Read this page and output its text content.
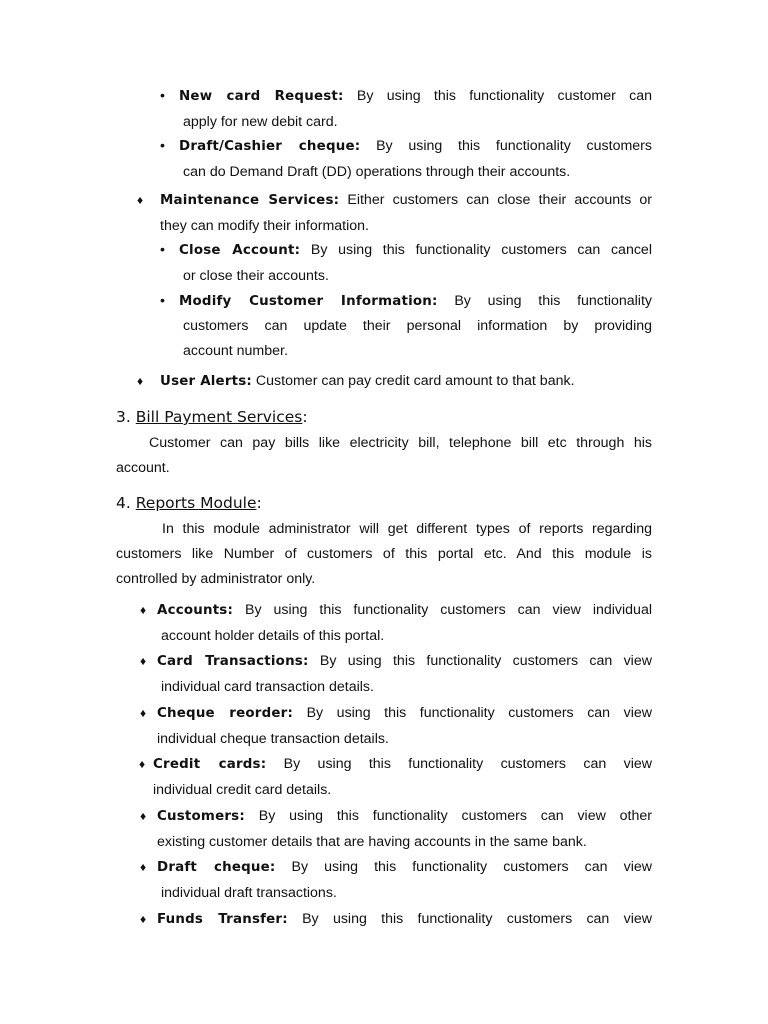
• New card Request: By using this functionality customer can
apply for new debit card.
• Draft/Cashier cheque: By using this functionality customers
can do Demand Draft (DD) operations through their accounts.
♦ Maintenance Services: Either customers can close their accounts or
they can modify their information.
• Close Account: By using this functionality customers can cancel
or close their accounts.
• Modify Customer Information: By using this functionality
customers can update their personal information by providing
account number.
♦ User Alerts: Customer can pay credit card amount to that bank.
3. Bill Payment Services:
Customer can pay bills like electricity bill, telephone bill etc through his
account.
4. Reports Module:
In this module administrator will get different types of reports regarding
customers like Number of customers of this portal etc. And this module is
controlled by administrator only.
♦ Accounts: By using this functionality customers can view individual
account holder details of this portal.
♦ Card Transactions: By using this functionality customers can view
individual card transaction details.
♦ Cheque reorder: By using this functionality customers can view
individual cheque transaction details.
♦ Credit cards: By using this functionality customers can view
individual credit card details.
♦ Customers: By using this functionality customers can view other
existing customer details that are having accounts in the same bank.
♦ Draft cheque: By using this functionality customers can view
individual draft transactions.
♦ Funds Transfer: By using this functionality customers can view
